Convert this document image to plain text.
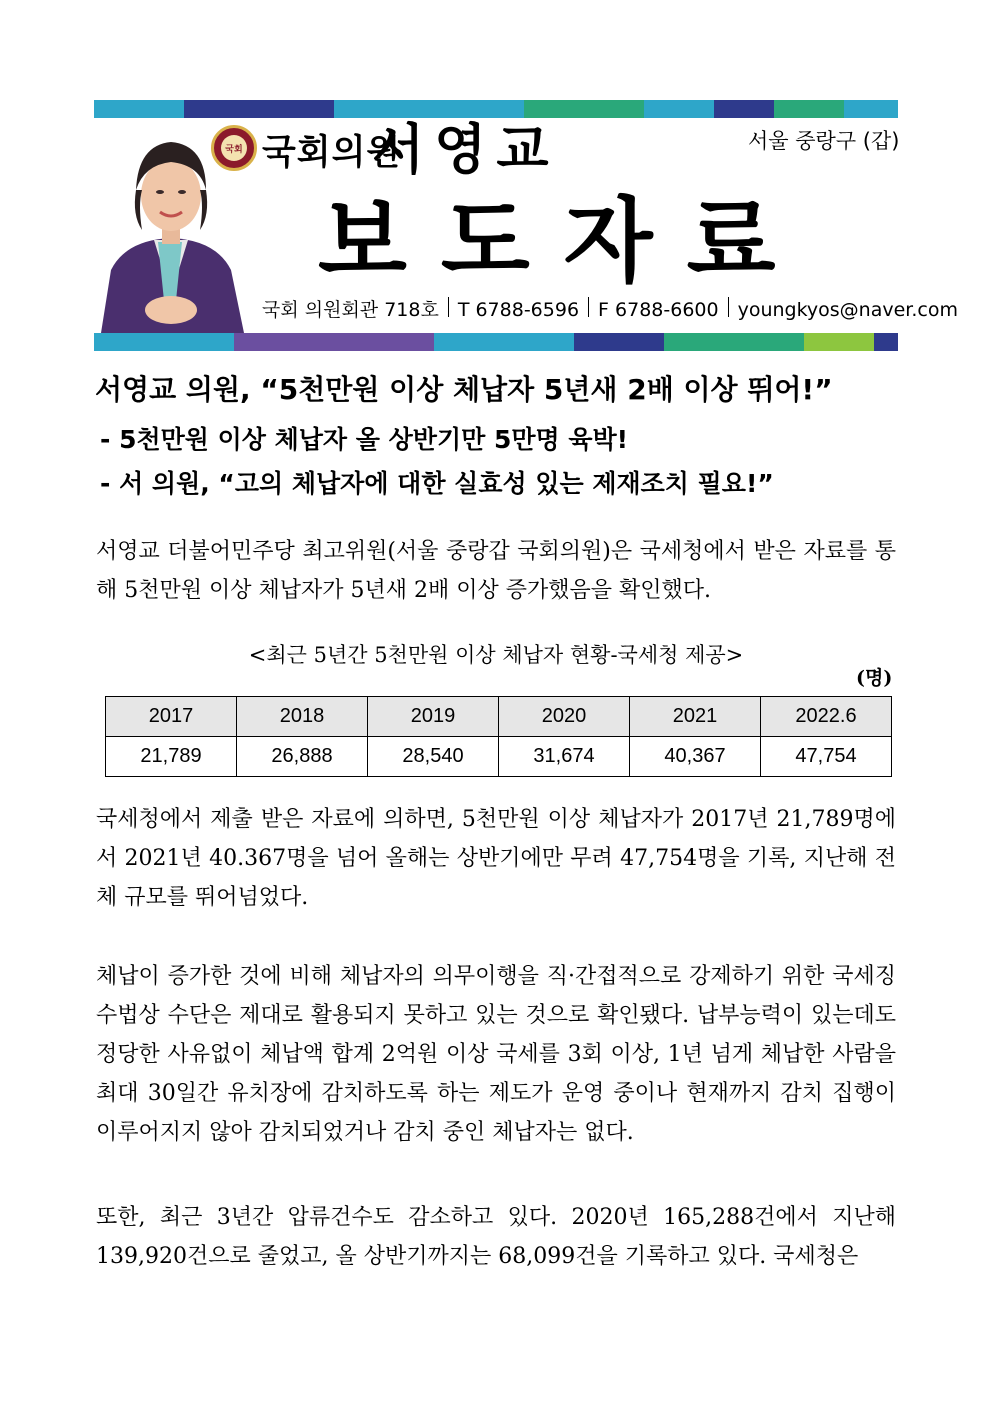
국회 국회의원
서영교	서울 중랑구 (갑)
보도자료
국회 의원회관 718호 T 6788-6596 F 6788-6600 youngkyos@naver.com
서영교 의원, “5천만원 이상 체납자 5년새 2배 이상 뛰어!”
- 5천만원 이상 체납자 올 상반기만 5만명 육박!
- 서 의원, “고의 체납자에 대한 실효성 있는 제재조치 필요!”
서영교 더불어민주당 최고위원(서울 중랑갑 국회의원)은 국세청에서 받은 자료를 통해 5천만원 이상 체납자가 5년새 2배 이상 증가했음을 확인했다.
<최근 5년간 5천만원 이상 체납자 현황-국세청 제공>
(명)
2017	2018	2019	2020	2021	2022.6
21,789	26,888	28,540	31,674	40,367	47,754
국세청에서 제출 받은 자료에 의하면, 5천만원 이상 체납자가 2017년 21,789명에서 2021년 40.367명을 넘어 올해는 상반기에만 무려 47,754명을 기록, 지난해 전체 규모를 뛰어넘었다.
체납이 증가한 것에 비해 체납자의 의무이행을 직·간접적으로 강제하기 위한 국세징수법상 수단은 제대로 활용되지 못하고 있는 것으로 확인됐다. 납부능력이 있는데도 정당한 사유없이 체납액 합계 2억원 이상 국세를 3회 이상, 1년 넘게 체납한 사람을 최대 30일간 유치장에 감치하도록 하는 제도가 운영 중이나 현재까지 감치 집행이 이루어지지 않아 감치되었거나 감치 중인 체납자는 없다.
또한, 최근 3년간 압류건수도 감소하고 있다. 2020년 165,288건에서 지난해 139,920건으로 줄었고, 올 상반기까지는 68,099건을 기록하고 있다. 국세청은
